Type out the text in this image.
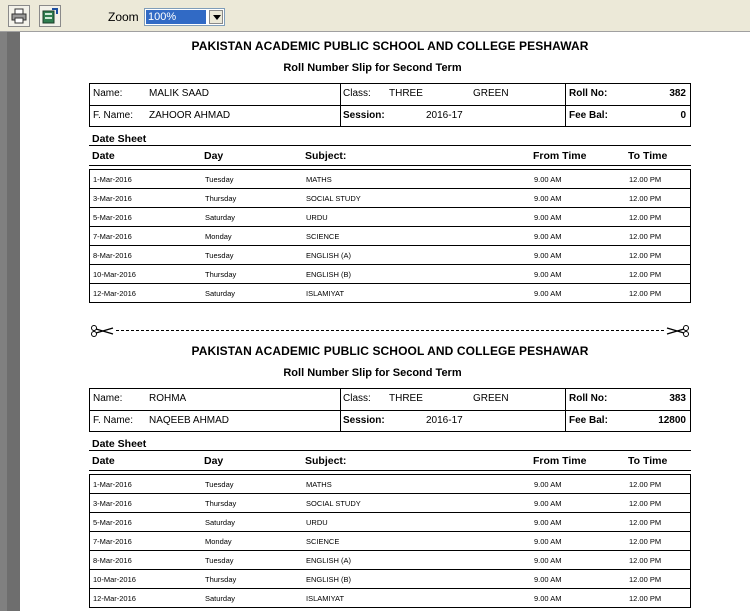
Zoom 100%
PAKISTAN ACADEMIC PUBLIC SCHOOL AND COLLEGE PESHAWAR
Roll Number Slip for Second Term
Name:	MALIK SAAD	Class: THREE	GREEN	Roll No:	382
F. Name: ZAHOOR AHMAD	Session:	2016-17	Fee Bal:	0
Date Sheet
Date	Day	Subject:	From Time	To Time
1-Mar-2016	Tuesday	MATHS	9.00 AM	12.00 PM
3-Mar-2016	Thursday	SOCIAL STUDY	9.00 AM	12.00 PM
5-Mar-2016	Saturday	URDU	9.00 AM	12.00 PM
7-Mar-2016	Monday	SCIENCE	9.00 AM	12.00 PM
8-Mar-2016	Tuesday	ENGLISH (A)	9.00 AM	12.00 PM
10-Mar-2016	Thursday	ENGLISH (B)	9.00 AM	12.00 PM
12-Mar-2016	Saturday	ISLAMIYAT	9.00 AM	12.00 PM
PAKISTAN ACADEMIC PUBLIC SCHOOL AND COLLEGE PESHAWAR
Roll Number Slip for Second Term
Name:	ROHMA	Class: THREE	GREEN	Roll No:	383
F. Name: NAQEEB AHMAD	Session:	2016-17	Fee Bal:	12800
Date Sheet
Date	Day	Subject:	From Time	To Time
1-Mar-2016	Tuesday	MATHS	9.00 AM	12.00 PM
3-Mar-2016	Thursday	SOCIAL STUDY	9.00 AM	12.00 PM
5-Mar-2016	Saturday	URDU	9.00 AM	12.00 PM
7-Mar-2016	Monday	SCIENCE	9.00 AM	12.00 PM
8-Mar-2016	Tuesday	ENGLISH (A)	9.00 AM	12.00 PM
10-Mar-2016	Thursday	ENGLISH (B)	9.00 AM	12.00 PM
12-Mar-2016	Saturday	ISLAMIYAT	9.00 AM	12.00 PM
